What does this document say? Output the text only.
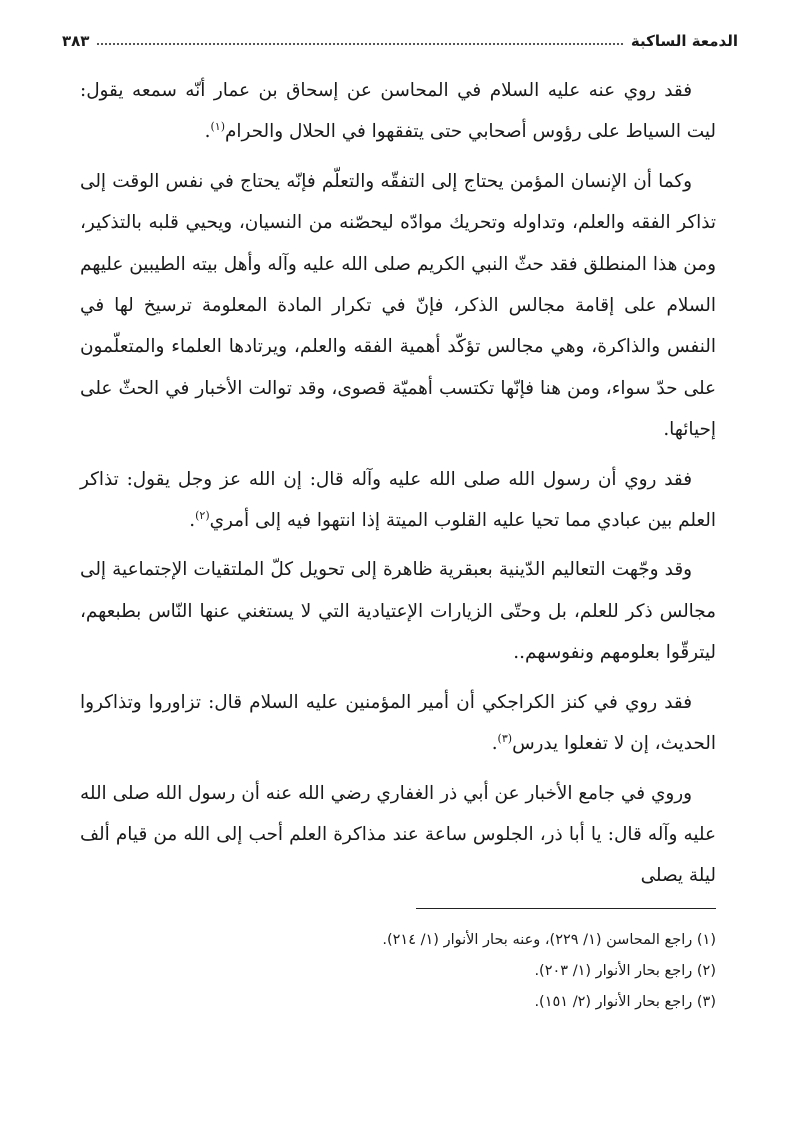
الدمعة الساكبة
٣٨٣

فقد روي عنه عليه السلام في المحاسن عن إسحاق بن عمار أنّه سمعه يقول: ليت السياط على رؤوس أصحابي حتى يتفقهوا في الحلال والحرام$^{(١)}$.

وكما أن الإنسان المؤمن يحتاج إلى التفقّه والتعلّم فإنّه يحتاج في نفس الوقت إلى تذاكر الفقه والعلم، وتداوله وتحريك موادّه ليحصّنه من النسيان، ويحيي قلبه بالتذكير، ومن هذا المنطلق فقد حثّ النبي الكريم صلى الله عليه وآله وأهل بيته الطيبين عليهم السلام على إقامة مجالس الذكر، فإنّ في تكرار المادة المعلومة ترسيخ لها في النفس والذاكرة، وهي مجالس تؤكّد أهمية الفقه والعلم، ويرتادها العلماء والمتعلّمون على حدّ سواء، ومن هنا فإنّها تكتسب أهميّة قصوى، وقد توالت الأخبار في الحثّ على إحيائها.

فقد روي أن رسول الله صلى الله عليه وآله قال: إن الله عز وجل يقول: تذاكر العلم بين عبادي مما تحيا عليه القلوب الميتة إذا انتهوا فيه إلى أمري$^{(٢)}$.

وقد وجّهت التعاليم الدّينية بعبقرية ظاهرة إلى تحويل كلّ الملتقيات الإجتماعية إلى مجالس ذكر للعلم، بل وحتّى الزيارات الإعتيادية التي لا يستغني عنها النّاس بطبعهم، ليترقّوا بعلومهم ونفوسهم..

فقد روي في كنز الكراجكي أن أمير المؤمنين عليه السلام قال: تزاوروا وتذاكروا الحديث، إن لا تفعلوا يدرس$^{(٣)}$.

وروي في جامع الأخبار عن أبي ذر الغفاري رضي الله عنه أن رسول الله صلى الله عليه وآله قال: يا أبا ذر، الجلوس ساعة عند مذاكرة العلم أحب إلى الله من قيام ألف ليلة يصلى

(١) راجع المحاسن (١/ ٢٢٩)، وعنه بحار الأنوار (١/ ٢١٤).
(٢) راجع بحار الأنوار (١/ ٢٠٣).
(٣) راجع بحار الأنوار (٢/ ١٥١).
